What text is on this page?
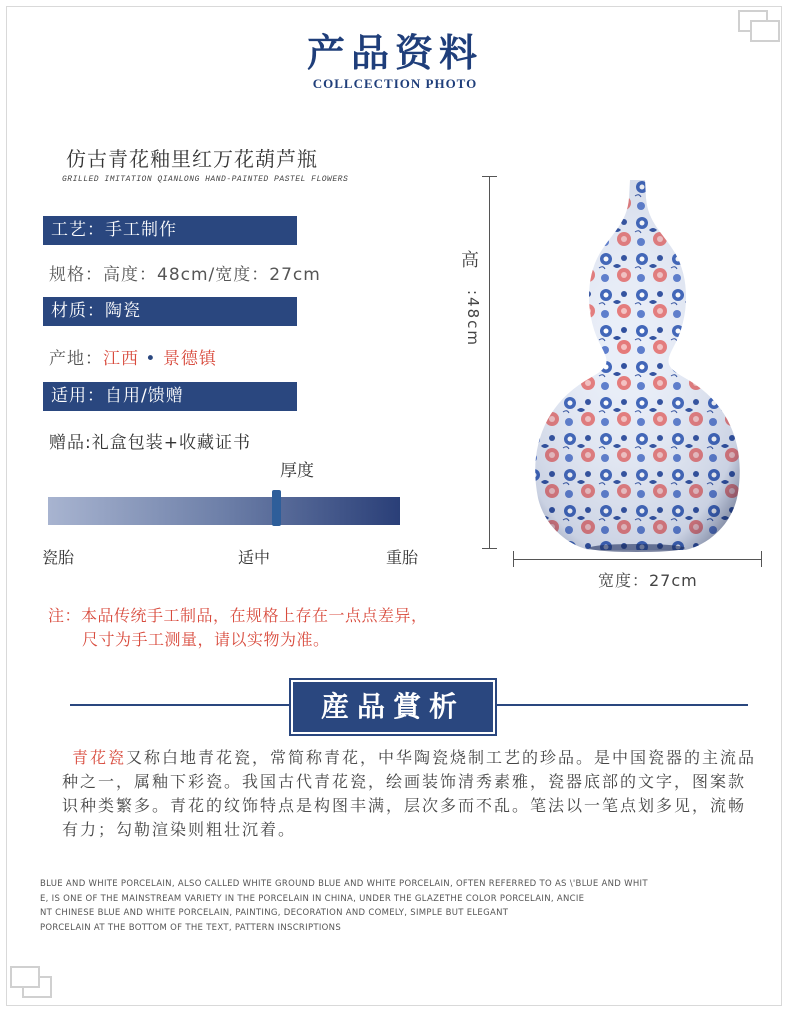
产品资料
COLLCECTION PHOTO
仿古青花釉里红万花葫芦瓶
GRILLED IMITATION QIANLONG HAND-PAINTED PASTEL FLOWERS
工艺：手工制作
规格：高度：48cm/宽度：27cm
材质：陶瓷
产地：江西 • 景德镇
适用：自用/馈赠
赠品:礼盒包装+收藏证书
厚度
瓷胎	适中	重胎
注：本品传统手工制品，在规格上存在一点点差异，
尺寸为手工测量，请以实物为准。
産品賞析
青花瓷又称白地青花瓷，常简称青花，中华陶瓷烧制工艺的珍品。是中国瓷器的主流品种之一，属釉下彩瓷。我国古代青花瓷，绘画装饰清秀素雅，瓷器底部的文字，图案款识种类繁多。青花的纹饰特点是构图丰满，层次多而不乱。笔法以一笔点划多见，流畅有力；勾勒渲染则粗壮沉着。
BLUE AND WHITE PORCELAIN, ALSO CALLED WHITE GROUND BLUE AND WHITE PORCELAIN, OFTEN REFERRED TO AS \'BLUE AND WHIT
E, IS ONE OF THE MAINSTREAM VARIETY IN THE PORCELAIN IN CHINA, UNDER THE GLAZETHE COLOR PORCELAIN, ANCIE
NT CHINESE BLUE AND WHITE PORCELAIN, PAINTING, DECORATION AND COMELY, SIMPLE BUT ELEGANT
PORCELAIN AT THE BOTTOM OF THE TEXT, PATTERN INSCRIPTIONS
高
:48cm
宽度：27cm
